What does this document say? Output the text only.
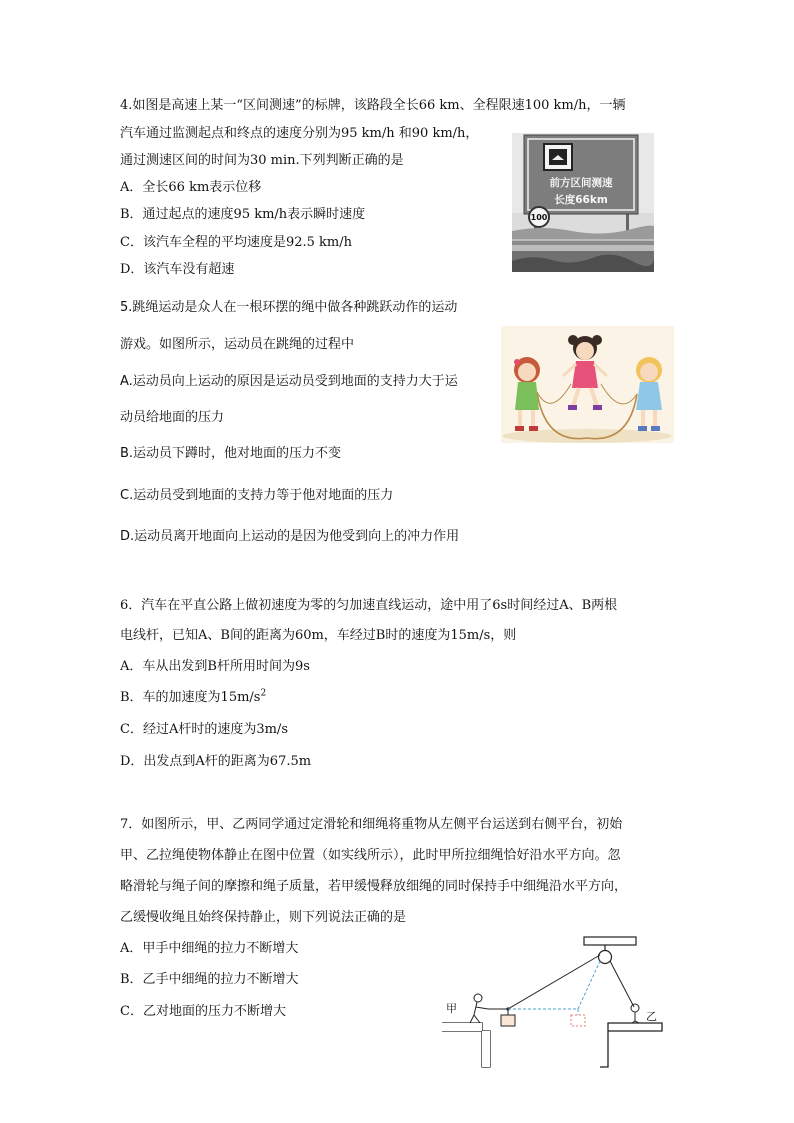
4.如图是高速上某一“区间测速”的标牌，该路段全长66 km、全程限速100 km/h，一辆
汽车通过监测起点和终点的速度分别为95 km/h 和90 km/h，
通过测速区间的时间为30 min.下列判断正确的是
A．全长66 km表示位移
B．通过起点的速度95 km/h表示瞬时速度
C．该汽车全程的平均速度是92.5 km/h
D．该汽车没有超速
前方区间测速
长度66km
100
5.跳绳运动是众人在一根环摆的绳中做各种跳跃动作的运动
游戏。如图所示，运动员在跳绳的过程中
A.运动员向上运动的原因是运动员受到地面的支持力大于运
动员给地面的压力
B.运动员下蹲时，他对地面的压力不变
C.运动员受到地面的支持力等于他对地面的压力
D.运动员离开地面向上运动的是因为他受到向上的冲力作用
6．汽车在平直公路上做初速度为零的匀加速直线运动，途中用了6s时间经过A、B两根
电线杆，已知A、B间的距离为60m，车经过B时的速度为15m/s，则
A．车从出发到B杆所用时间为9s
B．车的加速度为$15m/s^2$
C．经过A杆时的速度为3m/s
D．出发点到A杆的距离为67.5m
7．如图所示，甲、乙两同学通过定滑轮和细绳将重物从左侧平台运送到右侧平台，初始
甲、乙拉绳使物体静止在图中位置（如实线所示），此时甲所拉细绳恰好沿水平方向。忽
略滑轮与绳子间的摩擦和绳子质量，若甲缓慢释放细绳的同时保持手中细绳沿水平方向，
乙缓慢收绳且始终保持静止，则下列说法正确的是
A．甲手中细绳的拉力不断增大
B．乙手中细绳的拉力不断增大
C．乙对地面的压力不断增大	甲
乙
